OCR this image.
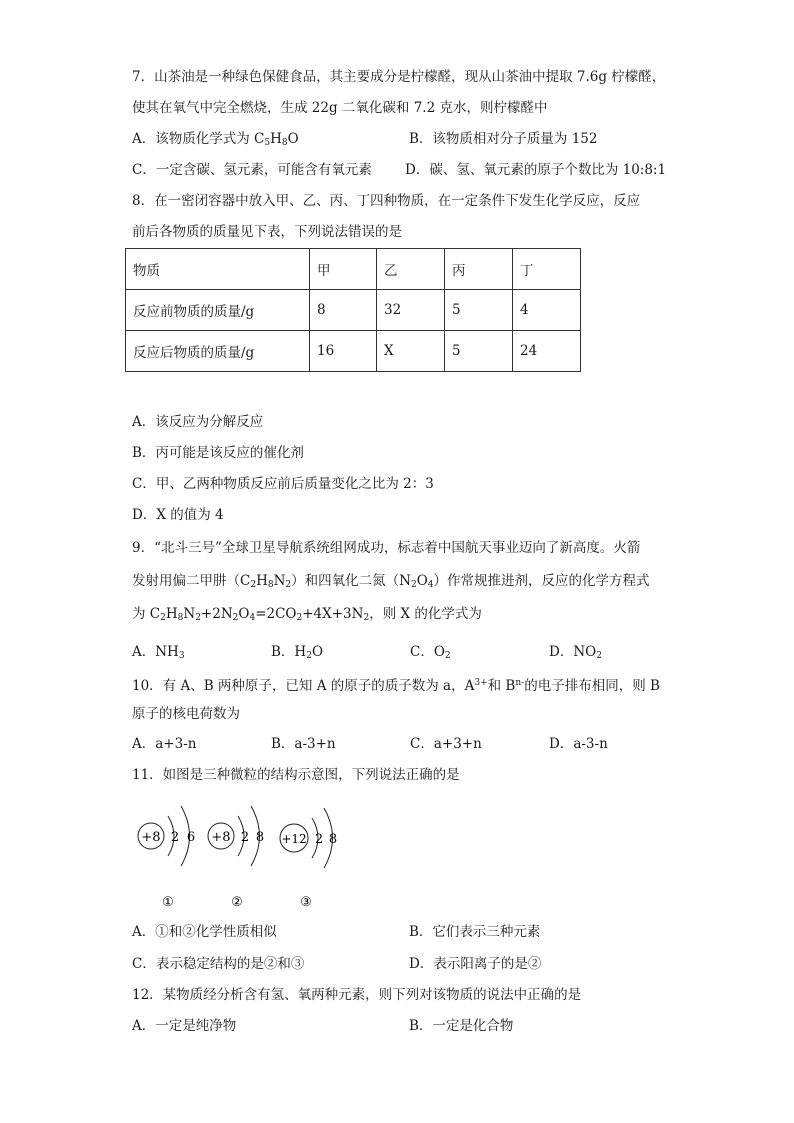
7．山茶油是一种绿色保健食品，其主要成分是柠檬醛，现从山茶油中提取 7.6g 柠檬醛，
使其在氧气中完全燃烧，生成 22g 二氧化碳和 7.2 克水，则柠檬醛中
A．该物质化学式为 $C_5H_8O$	B．该物质相对分子质量为 152
C．一定含碳、氢元素，可能含有氧元素 D．碳、氢、氧元素的原子个数比为 10:8:1
8．在一密闭容器中放入甲、乙、丙、丁四种物质，在一定条件下发生化学反应，反应
前后各物质的质量见下表，下列说法错误的是
物质	甲	乙	丙	丁
反应前物质的质量/g	8	32	5	4
反应后物质的质量/g	16	X	5	24
A．该反应为分解反应
B．丙可能是该反应的催化剂
C．甲、乙两种物质反应前后质量变化之比为 2：3
D．X 的值为 4
9．“北斗三号”全球卫星导航系统组网成功，标志着中国航天事业迈向了新高度。火箭
发射用偏二甲肼$(C_2H_8N_2)$和四氧化二氮$(N_2O_4)$作常规推进剂，反应的化学方程式
为 $C_2H_8N_2+2N_2O_4=2CO_2+4X+3N_2$，则 X 的化学式为
A．$NH_3$	B．$H_2O$	C．$O_2$	D．$NO_2$
10．有 A、B 两种原子，已知 A 的原子的质子数为 a，$A^{3+}$和 $B^{n-}$的电子排布相同，则 B
原子的核电荷数为
A．a+3-n	B．a-3+n	C．a+3+n	D．a-3-n
11．如图是三种微粒的结构示意图，下列说法正确的是
+8 2 6 +8 2 8 +12 2 8
①	②	③
A．①和②化学性质相似	B．它们表示三种元素
C．表示稳定结构的是②和③	D．表示阳离子的是②
12．某物质经分析含有氢、氧两种元素，则下列对该物质的说法中正确的是
A．一定是纯净物	B．一定是化合物
